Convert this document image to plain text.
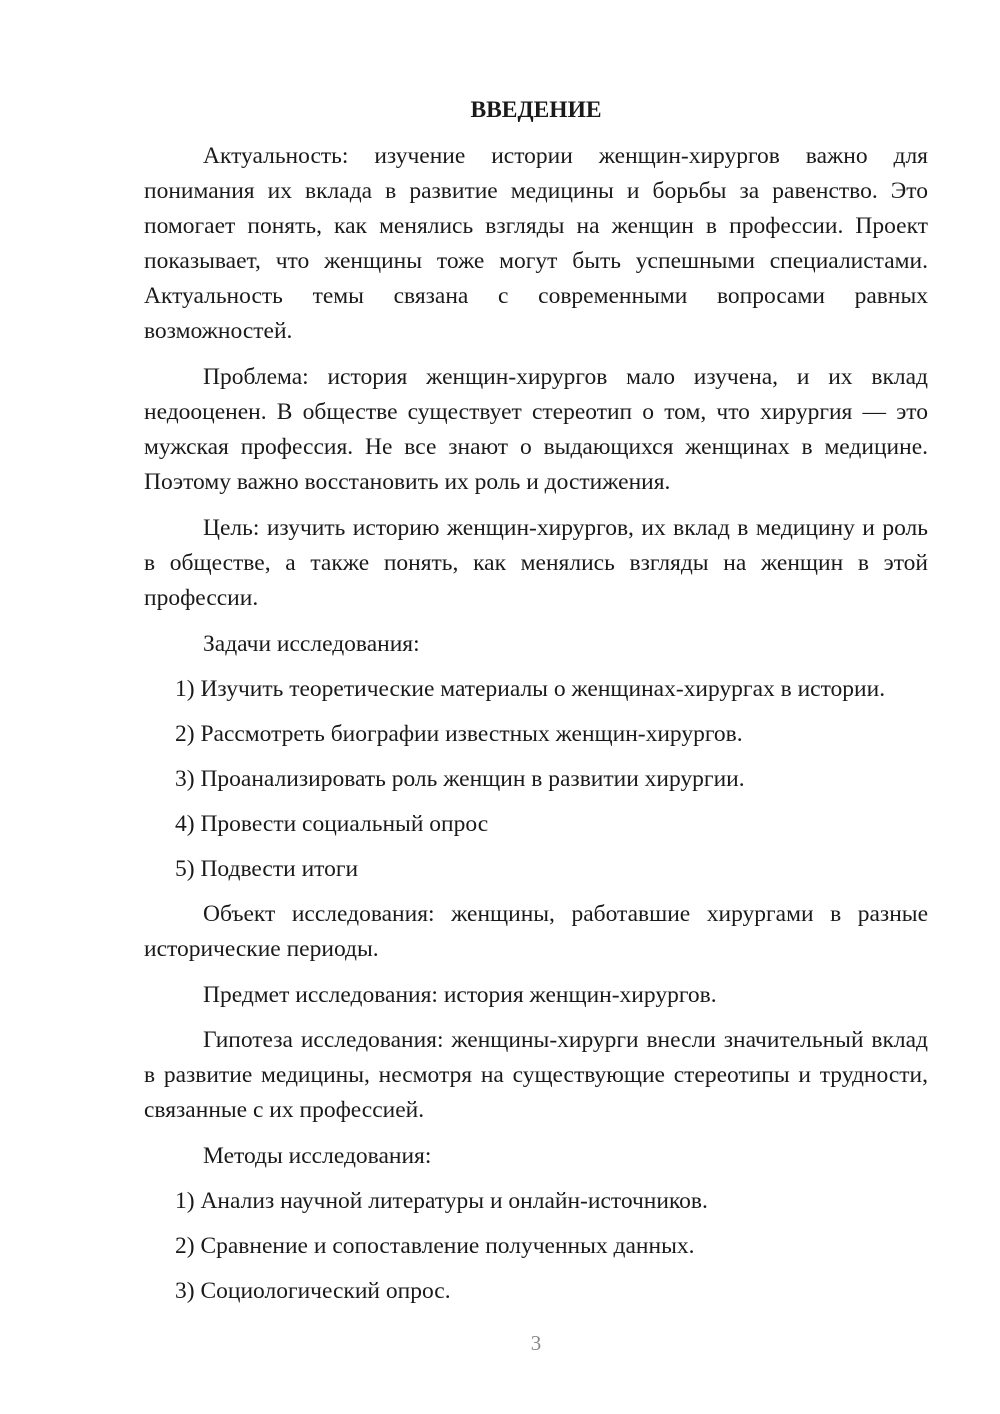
ВВЕДЕНИЕ

Актуальность: изучение истории женщин-хирургов важно для понимания их вклада в развитие медицины и борьбы за равенство. Это помогает понять, как менялись взгляды на женщин в профессии. Проект показывает, что женщины тоже могут быть успешными специалистами. Актуальность темы связана с современными вопросами равных возможностей.

Проблема: история женщин-хирургов мало изучена, и их вклад недооценен. В обществе существует стереотип о том, что хирургия — это мужская профессия. Не все знают о выдающихся женщинах в медицине. Поэтому важно восстановить их роль и достижения.

Цель: изучить историю женщин-хирургов, их вклад в медицину и роль в обществе, а также понять, как менялись взгляды на женщин в этой профессии.

Задачи исследования:
1) Изучить теоретические материалы о женщинах-хирургах в истории.
2) Рассмотреть биографии известных женщин-хирургов.
3) Проанализировать роль женщин в развитии хирургии.
4) Провести социальный опрос
5) Подвести итоги

Объект исследования: женщины, работавшие хирургами в разные исторические периоды.

Предмет исследования: история женщин-хирургов.

Гипотеза исследования: женщины-хирурги внесли значительный вклад в развитие медицины, несмотря на существующие стереотипы и трудности, связанные с их профессией.

Методы исследования:
1) Анализ научной литературы и онлайн-источников.
2) Сравнение и сопоставление полученных данных.
3) Социологический опрос.
3
